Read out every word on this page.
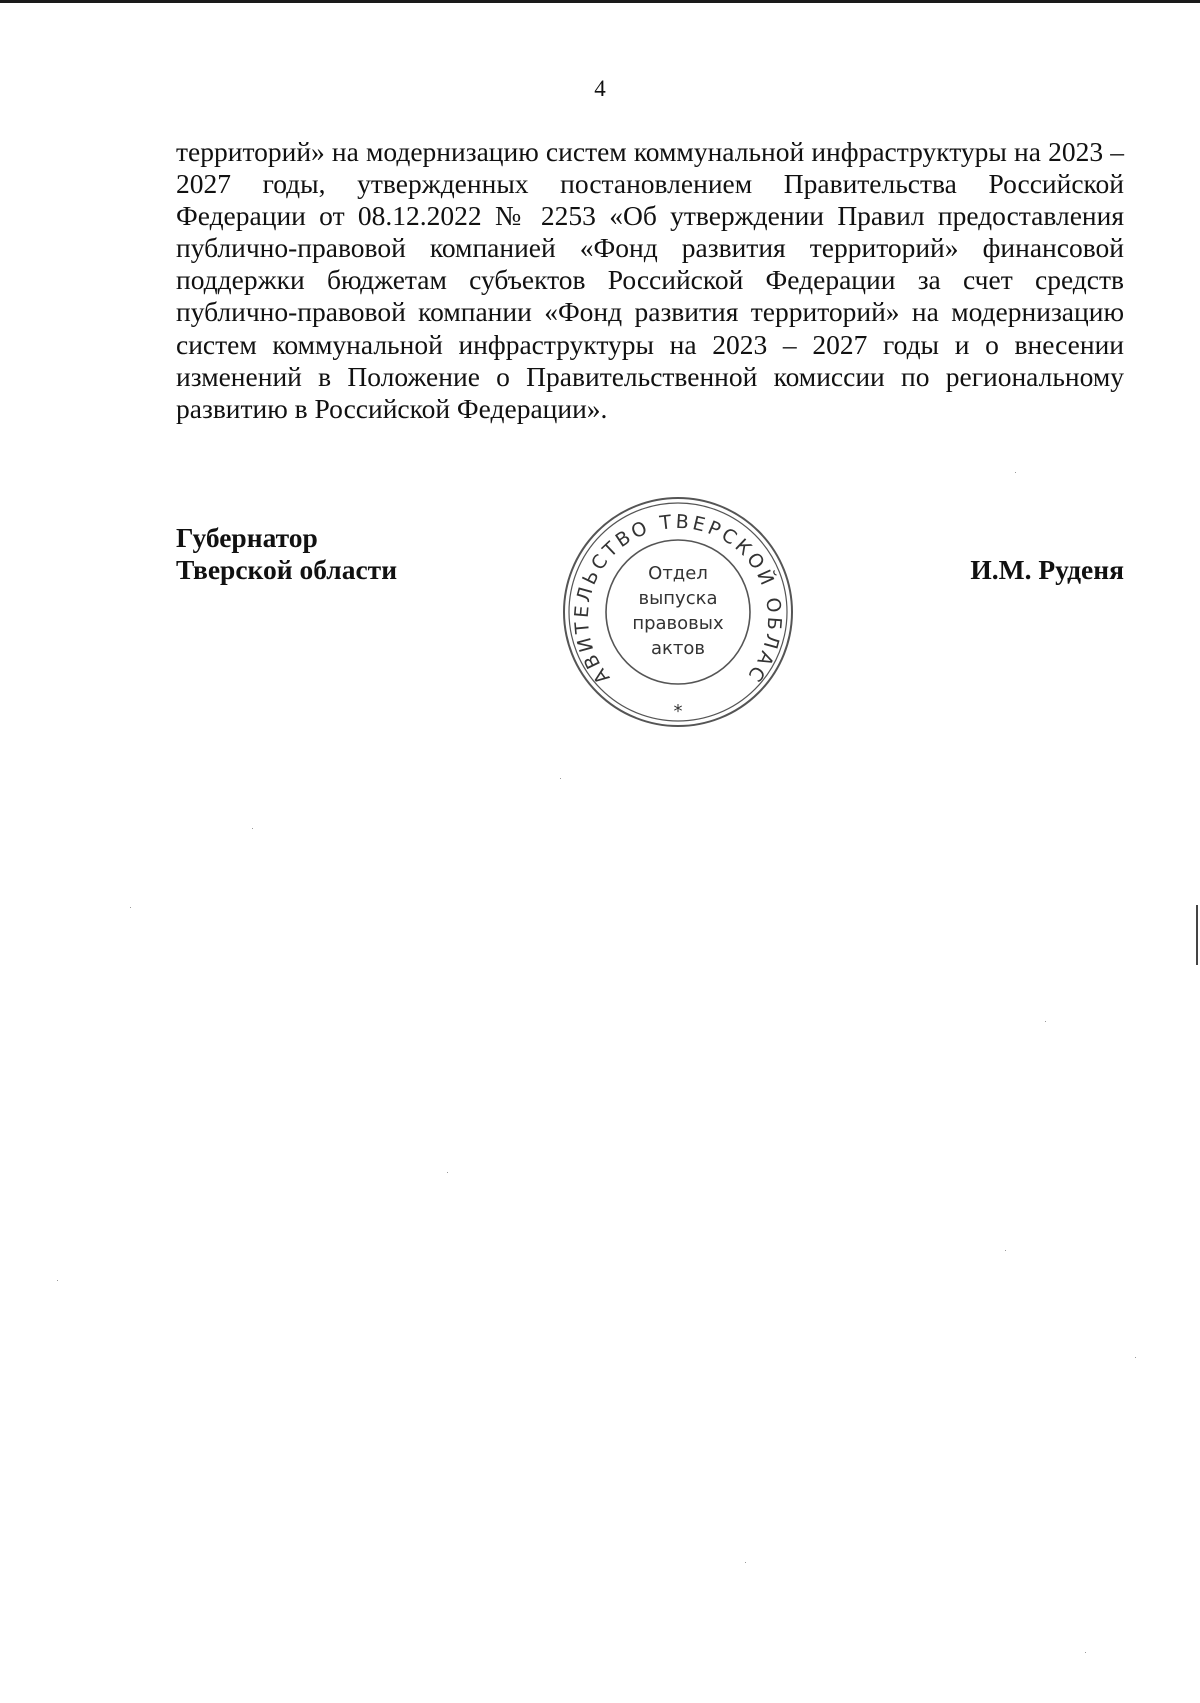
4

территорий» на модернизацию систем коммунальной инфраструктуры на 2023 – 2027 годы, утвержденных постановлением Правительства Российской Федерации от 08.12.2022 № 2253 «Об утверждении Правил предоставления публично-правовой компанией «Фонд развития территорий» финансовой поддержки бюджетам субъектов Российской Федерации за счет средств публично-правовой компании «Фонд развития территорий» на модернизацию систем коммунальной инфраструктуры на 2023 – 2027 годы и о внесении изменений в Положение о Правительственной комиссии по региональному развитию в Российской Федерации».

Губернатор
Тверской области	И.М. Руденя
АВИТЕЛЬСТВО ТВЕРСКОЙ ОБЛАС
Отдел
выпуска
правовых
актов
*
